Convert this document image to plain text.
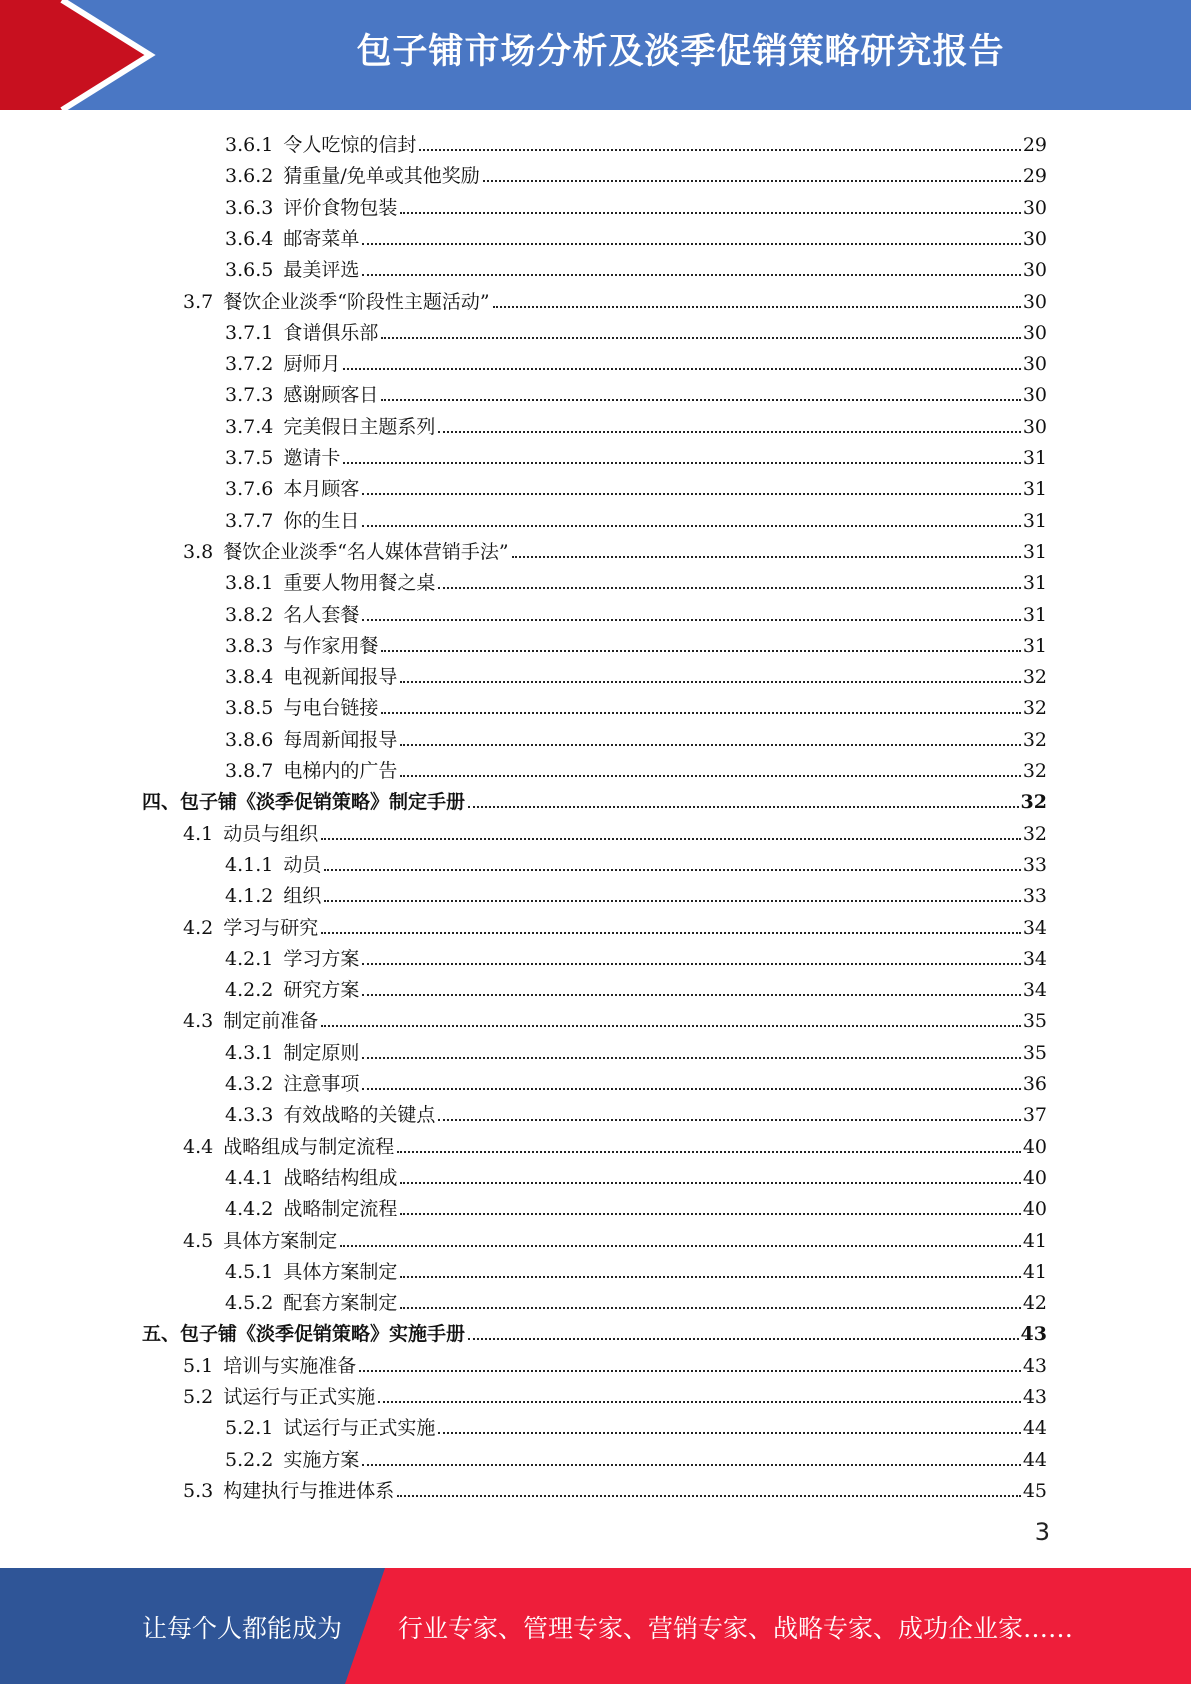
包子铺市场分析及淡季促销策略研究报告
3.6.1 令人吃惊的信封	29
3.6.2 猜重量/免单或其他奖励	29
3.6.3 评价食物包装	30
3.6.4 邮寄菜单	30
3.6.5 最美评选	30
3.7 餐饮企业淡季“阶段性主题活动”	30
3.7.1 食谱俱乐部	30
3.7.2 厨师月	30
3.7.3 感谢顾客日	30
3.7.4 完美假日主题系列	30
3.7.5 邀请卡	31
3.7.6 本月顾客	31
3.7.7 你的生日	31
3.8 餐饮企业淡季“名人媒体营销手法”	31
3.8.1 重要人物用餐之桌	31
3.8.2 名人套餐	31
3.8.3 与作家用餐	31
3.8.4 电视新闻报导	32
3.8.5 与电台链接	32
3.8.6 每周新闻报导	32
3.8.7 电梯内的广告	32
四、 包子铺《淡季促销策略》制定手册	32
4.1 动员与组织	32
4.1.1 动员	33
4.1.2 组织	33
4.2 学习与研究	34
4.2.1 学习方案	34
4.2.2 研究方案	34
4.3 制定前准备	35
4.3.1 制定原则	35
4.3.2 注意事项	36
4.3.3 有效战略的关键点	37
4.4 战略组成与制定流程	40
4.4.1 战略结构组成	40
4.4.2 战略制定流程	40
4.5 具体方案制定	41
4.5.1 具体方案制定	41
4.5.2 配套方案制定	42
五、 包子铺《淡季促销策略》实施手册	43
5.1 培训与实施准备	43
5.2 试运行与正式实施	43
5.2.1 试运行与正式实施	44
5.2.2 实施方案	44
5.3 构建执行与推进体系	45
3
让每个人都能成为 行业专家、管理专家、营销专家、战略专家、成功企业家……
